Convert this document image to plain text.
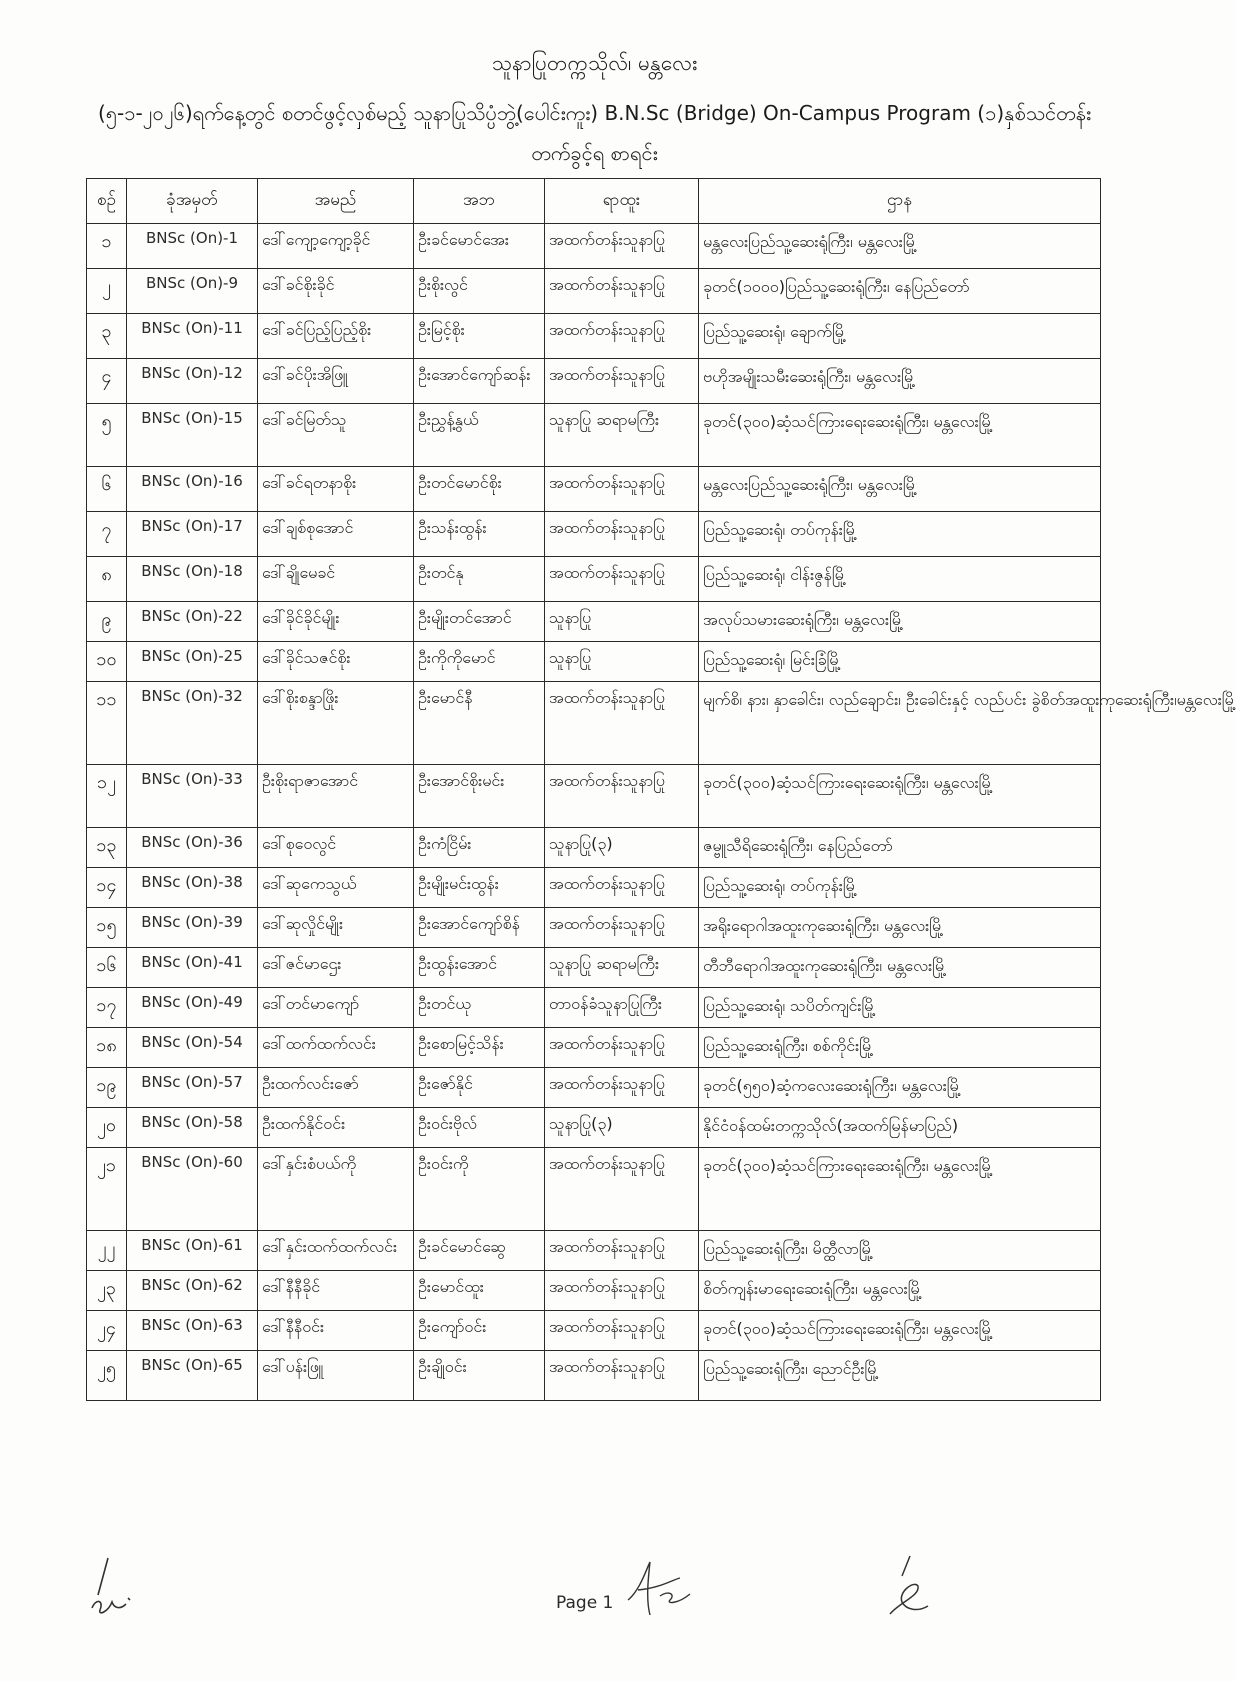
သူနာပြုတက္ကသိုလ်၊ မန္တလေး
(၅-၁-၂၀၂၆)ရက်နေ့တွင် စတင်ဖွင့်လှစ်မည့် သူနာပြုသိပ္ပံဘွဲ့(ပေါင်းကူး) B.N.Sc (Bridge) On-Campus Program (၁)နှစ်သင်တန်း
တက်ခွင့်ရ စာရင်း
စဉ်	ခုံအမှတ်	အမည်	အဘ	ရာထူး	ဌာန
၁	BNSc (On)-1	ဒေါ်ကျော့ကျော့ခိုင်	ဦးခင်မောင်အေး	အထက်တန်းသူနာပြု	မန္တလေးပြည်သူ့ဆေးရုံကြီး၊ မန္တလေးမြို့
၂	BNSc (On)-9	ဒေါ်ခင်စိုးခိုင်	ဦးစိုးလွင်	အထက်တန်းသူနာပြု	ခုတင်(၁၀၀၀)ပြည်သူ့ဆေးရုံကြီး၊ နေပြည်တော်
၃	BNSc (On)-11	ဒေါ်ခင်ပြည့်ပြည့်စိုး	ဦးမြင့်စိုး	အထက်တန်းသူနာပြု	ပြည်သူ့ဆေးရုံ၊ ချောက်မြို့
၄	BNSc (On)-12	ဒေါ်ခင်ပိုးအိဖြူ	ဦးအောင်ကျော်ဆန်း	အထက်တန်းသူနာပြု	ဗဟိုအမျိုးသမီးဆေးရုံကြီး၊ မန္တလေးမြို့
၅	BNSc (On)-15	ဒေါ်ခင်မြတ်သူ	ဦးညွှန့်နွယ်	သူနာပြု ဆရာမကြီး	ခုတင်(၃၀၀)ဆံ့သင်ကြားရေးဆေးရုံကြီး၊ မန္တလေးမြို့
၆	BNSc (On)-16	ဒေါ်ခင်ရတနာစိုး	ဦးတင်မောင်စိုး	အထက်တန်းသူနာပြု	မန္တလေးပြည်သူ့ဆေးရုံကြီး၊ မန္တလေးမြို့
၇	BNSc (On)-17	ဒေါ်ချစ်စုအောင်	ဦးသန်းထွန်း	အထက်တန်းသူနာပြု	ပြည်သူ့ဆေးရုံ၊ တပ်ကုန်းမြို့
၈	BNSc (On)-18	ဒေါ်ချိုမေခင်	ဦးတင်နု	အထက်တန်းသူနာပြု	ပြည်သူ့ဆေးရုံ၊ ငါန်းဇွန်မြို့
၉	BNSc (On)-22	ဒေါ်ခိုင်ခိုင်မျိုး	ဦးမျိုးတင်အောင်	သူနာပြု	အလုပ်သမားဆေးရုံကြီး၊ မန္တလေးမြို့
၁၀	BNSc (On)-25	ဒေါ်ခိုင်သဇင်စိုး	ဦးကိုကိုမောင်	သူနာပြု	ပြည်သူ့ဆေးရုံ၊ မြင်းခြံမြို့
၁၁	BNSc (On)-32	ဒေါ်စိုးစန္ဒာဖြိုး	ဦးမောင်နီ	အထက်တန်းသူနာပြု	မျက်စိ၊ နား၊ နှာခေါင်း၊ လည်ချောင်း၊ ဦးခေါင်းနှင့် လည်ပင်း ခွဲစိတ်အထူးကုဆေးရုံကြီး၊မန္တလေးမြို့
၁၂	BNSc (On)-33	ဦးစိုးရာဇာအောင်	ဦးအောင်စိုးမင်း	အထက်တန်းသူနာပြု	ခုတင်(၃၀၀)ဆံ့သင်ကြားရေးဆေးရုံကြီး၊ မန္တလေးမြို့
၁၃	BNSc (On)-36	ဒေါ်စုဝေလွင်	ဦးကံငြိမ်း	သူနာပြု(၃)	ဇမ္ဗူသီရိဆေးရုံကြီး၊ နေပြည်တော်
၁၄	BNSc (On)-38	ဒေါ်ဆုကေသွယ်	ဦးမျိုးမင်းထွန်း	အထက်တန်းသူနာပြု	ပြည်သူ့ဆေးရုံ၊ တပ်ကုန်းမြို့
၁၅	BNSc (On)-39	ဒေါ်ဆုလှိုင်မျိုး	ဦးအောင်ကျော်စိန်	အထက်တန်းသူနာပြု	အရိုးရောဂါအထူးကုဆေးရုံကြီး၊ မန္တလေးမြို့
၁၆	BNSc (On)-41	ဒေါ်ဇင်မာဌေး	ဦးထွန်းအောင်	သူနာပြု ဆရာမကြီး	တီဘီရောဂါအထူးကုဆေးရုံကြီး၊ မန္တလေးမြို့
၁၇	BNSc (On)-49	ဒေါ်တင်မာကျော်	ဦးတင်ယု	တာဝန်ခံသူနာပြုကြီး	ပြည်သူ့ဆေးရုံ၊ သပိတ်ကျင်းမြို့
၁၈	BNSc (On)-54	ဒေါ်ထက်ထက်လင်း	ဦးစောမြင့်သိန်း	အထက်တန်းသူနာပြု	ပြည်သူ့ဆေးရုံကြီး၊ စစ်ကိုင်းမြို့
၁၉	BNSc (On)-57	ဦးထက်လင်းဇော်	ဦးဇော်နိုင်	အထက်တန်းသူနာပြု	ခုတင်(၅၅၀)ဆံ့ကလေးဆေးရုံကြီး၊ မန္တလေးမြို့
၂၀	BNSc (On)-58	ဦးထက်နိုင်ဝင်း	ဦးဝင်းဗိုလ်	သူနာပြု(၃)	နိုင်ငံဝန်ထမ်းတက္ကသိုလ်(အထက်မြန်မာပြည်)
၂၁	BNSc (On)-60	ဒေါ်နှင်းစံပယ်ကို	ဦးဝင်းကို	အထက်တန်းသူနာပြု	ခုတင်(၃၀၀)ဆံ့သင်ကြားရေးဆေးရုံကြီး၊ မန္တလေးမြို့
၂၂	BNSc (On)-61	ဒေါ်နှင်းထက်ထက်လင်း	ဦးခင်မောင်ဆွေ	အထက်တန်းသူနာပြု	ပြည်သူ့ဆေးရုံကြီး၊ မိတ္ထီလာမြို့
၂၃	BNSc (On)-62	ဒေါ်နီနီခိုင်	ဦးမောင်ထူး	အထက်တန်းသူနာပြု	စိတ်ကျန်းမာရေးဆေးရုံကြီး၊ မန္တလေးမြို့
၂၄	BNSc (On)-63	ဒေါ်နီနီဝင်း	ဦးကျော်ဝင်း	အထက်တန်းသူနာပြု	ခုတင်(၃၀၀)ဆံ့သင်ကြားရေးဆေးရုံကြီး၊ မန္တလေးမြို့
၂၅	BNSc (On)-65	ဒေါ်ပန်းဖြူ	ဦးချိုဝင်း	အထက်တန်းသူနာပြု	ပြည်သူ့ဆေးရုံကြီး၊ ညောင်ဦးမြို့
Page 1
